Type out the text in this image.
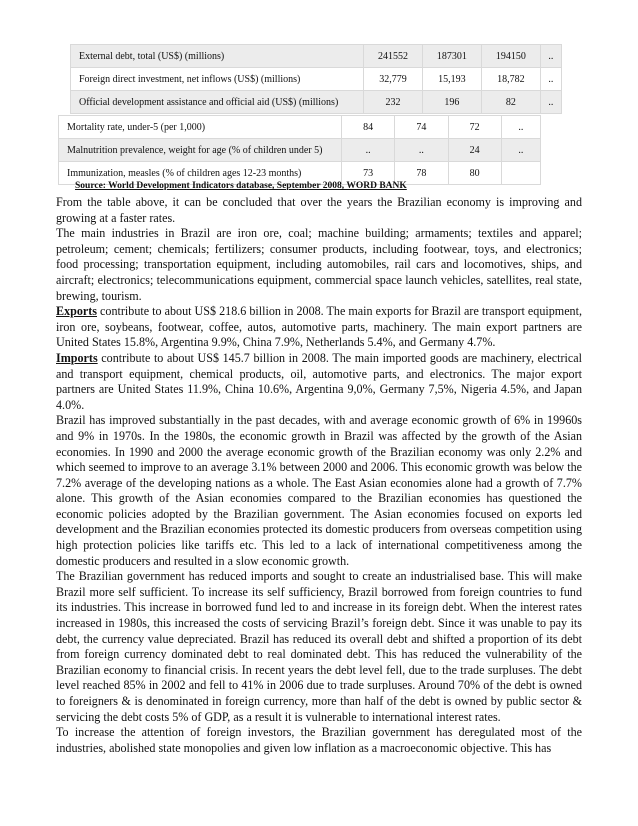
External debt, total (US$) (millions)	241552	187301	194150	..
Foreign direct investment, net inflows (US$) (millions)	32,779	15,193	18,782	..
Official development assistance and official aid (US$) (millions)	232	196	82	..
Mortality rate, under-5 (per 1,000)	84	74	72	..
Malnutrition prevalence, weight for age (% of children under 5)	..	..	24	..
Immunization, measles (% of children ages 12-23 months)	73	78	80	
Source: World Development Indicators database, September 2008, WORD BANK

From the table above, it can be concluded that over the years the Brazilian economy is improving and growing at a faster rates.

The main industries in Brazil are iron ore, coal; machine building; armaments; textiles and apparel; petroleum; cement; chemicals; fertilizers; consumer products, including footwear, toys, and electronics; food processing; transportation equipment, including automobiles, rail cars and locomotives, ships, and aircraft; electronics; telecommunications equipment, commercial space launch vehicles, satellites, real state, brewing, tourism.

Exports contribute to about US$ 218.6 billion in 2008. The main exports for Brazil are transport equipment, iron ore, soybeans, footwear, coffee, autos, automotive parts, machinery. The main export partners are United States 15.8%, Argentina 9.9%, China 7.9%, Netherlands 5.4%, and Germany 4.7%.

Imports contribute to about US$ 145.7 billion in 2008. The main imported goods are machinery, electrical and transport equipment, chemical products, oil, automotive parts, and electronics. The major export partners are United States 11.9%, China 10.6%, Argentina 9,0%, Germany 7,5%, Nigeria 4.5%, and Japan 4.0%.

Brazil has improved substantially in the past decades, with and average economic growth of 6% in 19960s and 9% in 1970s. In the 1980s, the economic growth in Brazil was affected by the growth of the Asian economies. In 1990 and 2000 the average economic growth of the Brazilian economy was only 2.2% and which seemed to improve to an average 3.1% between 2000 and 2006. This economic growth was below the 7.2% average of the developing nations as a whole. The East Asian economies alone had a growth of 7.7% alone. This growth of the Asian economies compared to the Brazilian economies has questioned the economic policies adopted by the Brazilian government. The Asian economies focused on exports led development and the Brazilian economies protected its domestic producers from overseas competition using high protection policies like tariffs etc. This led to a lack of international competitiveness among the domestic producers and resulted in a slow economic growth.

The Brazilian government has reduced imports and sought to create an industrialised base. This will make Brazil more self sufficient. To increase its self sufficiency, Brazil borrowed from foreign countries to fund its industries. This increase in borrowed fund led to and increase in its foreign debt. When the interest rates increased in 1980s, this increased the costs of servicing Brazil’s foreign debt. Since it was unable to pay its debt, the currency value depreciated. Brazil has reduced its overall debt and shifted a proportion of its debt from foreign currency dominated debt to real dominated debt. This has reduced the vulnerability of the Brazilian economy to financial crisis. In recent years the debt level fell, due to the trade surpluses. The debt level reached 85% in 2002 and fell to 41% in 2006 due to trade surpluses. Around 70% of the debt is owned to foreigners & is denominated in foreign currency, more than half of the debt is owned by public sector & servicing the debt costs 5% of GDP, as a result it is vulnerable to international interest rates.

To increase the attention of foreign investors, the Brazilian government has deregulated most of the industries, abolished state monopolies and given low inflation as a macroeconomic objective. This has
